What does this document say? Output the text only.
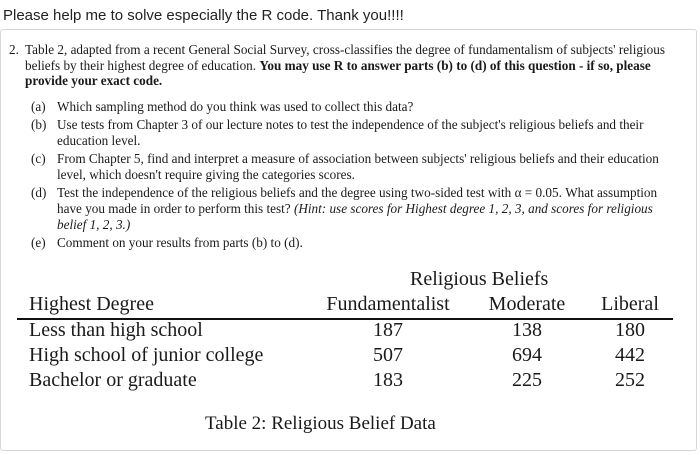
Please help me to solve especially the R code. Thank you!!!!
2. Table 2, adapted from a recent General Social Survey, cross-classifies the degree of fundamentalism of subjects' religious beliefs by their highest degree of education. You may use R to answer parts (b) to (d) of this question - if so, please provide your exact code.
(a) Which sampling method do you think was used to collect this data?
(b) Use tests from Chapter 3 of our lecture notes to test the independence of the subject's religious beliefs and their education level.
(c) From Chapter 5, find and interpret a measure of association between subjects' religious beliefs and their education level, which doesn't require giving the categories scores.
(d) Test the independence of the religious beliefs and the degree using two-sided test with α = 0.05. What assumption have you made in order to perform this test? (Hint: use scores for Highest degree 1, 2, 3, and scores for religious belief 1, 2, 3.)
(e) Comment on your results from parts (b) to (d).
Religious Beliefs
Highest Degree	Fundamentalist	Moderate	Liberal
Less than high school	187	138	180
High school of junior college	507	694	442
Bachelor or graduate	183	225	252
Table 2: Religious Belief Data
